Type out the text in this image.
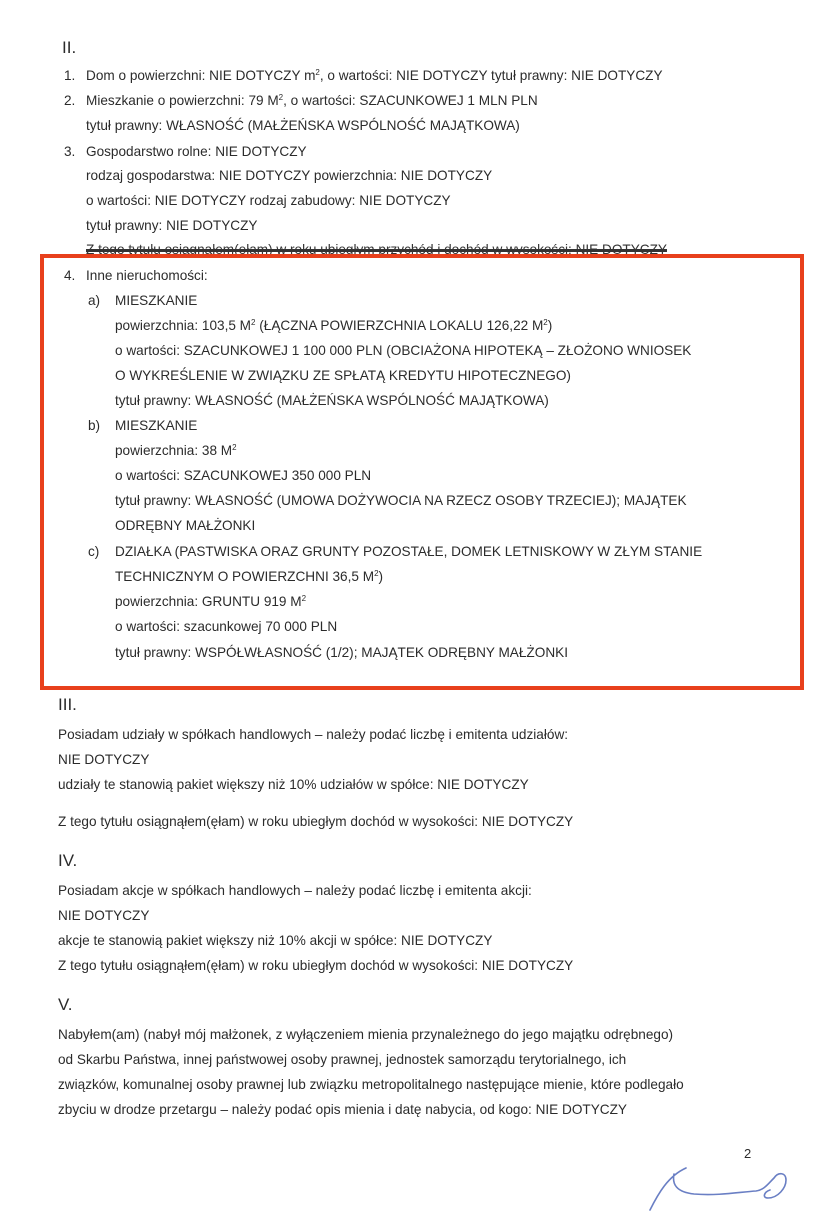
II.
1. Dom o powierzchni: NIE DOTYCZY $m^2$, o wartości: NIE DOTYCZY tytuł prawny: NIE DOTYCZY
2. Mieszkanie o powierzchni: 79 $M^2$, o wartości: SZACUNKOWEJ 1 MLN PLN
tytuł prawny: WŁASNOŚĆ (MAŁŻEŃSKA WSPÓLNOŚĆ MAJĄTKOWA)
3. Gospodarstwo rolne: NIE DOTYCZY
rodzaj gospodarstwa: NIE DOTYCZY powierzchnia: NIE DOTYCZY
o wartości: NIE DOTYCZY rodzaj zabudowy: NIE DOTYCZY
tytuł prawny: NIE DOTYCZY
Z tego tytułu osiągnąłem(ęłam) w roku ubiegłym przychód i dochód w wysokości: NIE DOTYCZY
4. Inne nieruchomości:
a) MIESZKANIE
powierzchnia: 103,5 $M^2$ (ŁĄCZNA POWIERZCHNIA LOKALU 126,22 $M^2$)
o wartości: SZACUNKOWEJ 1 100 000 PLN (OBCIAŻONA HIPOTEKĄ – ZŁOŻONO WNIOSEK
O WYKREŚLENIE W ZWIĄZKU ZE SPŁATĄ KREDYTU HIPOTECZNEGO)
tytuł prawny: WŁASNOŚĆ (MAŁŻEŃSKA WSPÓLNOŚĆ MAJĄTKOWA)
b) MIESZKANIE
powierzchnia: 38 $M^2$
o wartości: SZACUNKOWEJ 350 000 PLN
tytuł prawny: WŁASNOŚĆ (UMOWA DOŻYWOCIA NA RZECZ OSOBY TRZECIEJ); MAJĄTEK
ODRĘBNY MAŁŻONKI
c) DZIAŁKA (PASTWISKA ORAZ GRUNTY POZOSTAŁE, DOMEK LETNISKOWY W ZŁYM STANIE
TECHNICZNYM O POWIERZCHNI 36,5 $M^2$)
powierzchnia: GRUNTU 919 $M^2$
o wartości: szacunkowej 70 000 PLN
tytuł prawny: WSPÓŁWŁASNOŚĆ (1/2); MAJĄTEK ODRĘBNY MAŁŻONKI
III.
Posiadam udziały w spółkach handlowych – należy podać liczbę i emitenta udziałów:
NIE DOTYCZY
udziały te stanowią pakiet większy niż 10% udziałów w spółce: NIE DOTYCZY
Z tego tytułu osiągnąłem(ęłam) w roku ubiegłym dochód w wysokości: NIE DOTYCZY
IV.
Posiadam akcje w spółkach handlowych – należy podać liczbę i emitenta akcji:
NIE DOTYCZY
akcje te stanowią pakiet większy niż 10% akcji w spółce: NIE DOTYCZY
Z tego tytułu osiągnąłem(ęłam) w roku ubiegłym dochód w wysokości: NIE DOTYCZY
V.
Nabyłem(am) (nabył mój małżonek, z wyłączeniem mienia przynależnego do jego majątku odrębnego)
od Skarbu Państwa, innej państwowej osoby prawnej, jednostek samorządu terytorialnego, ich
związków, komunalnej osoby prawnej lub związku metropolitalnego następujące mienie, które podlegało
zbyciu w drodze przetargu – należy podać opis mienia i datę nabycia, od kogo: NIE DOTYCZY
2
